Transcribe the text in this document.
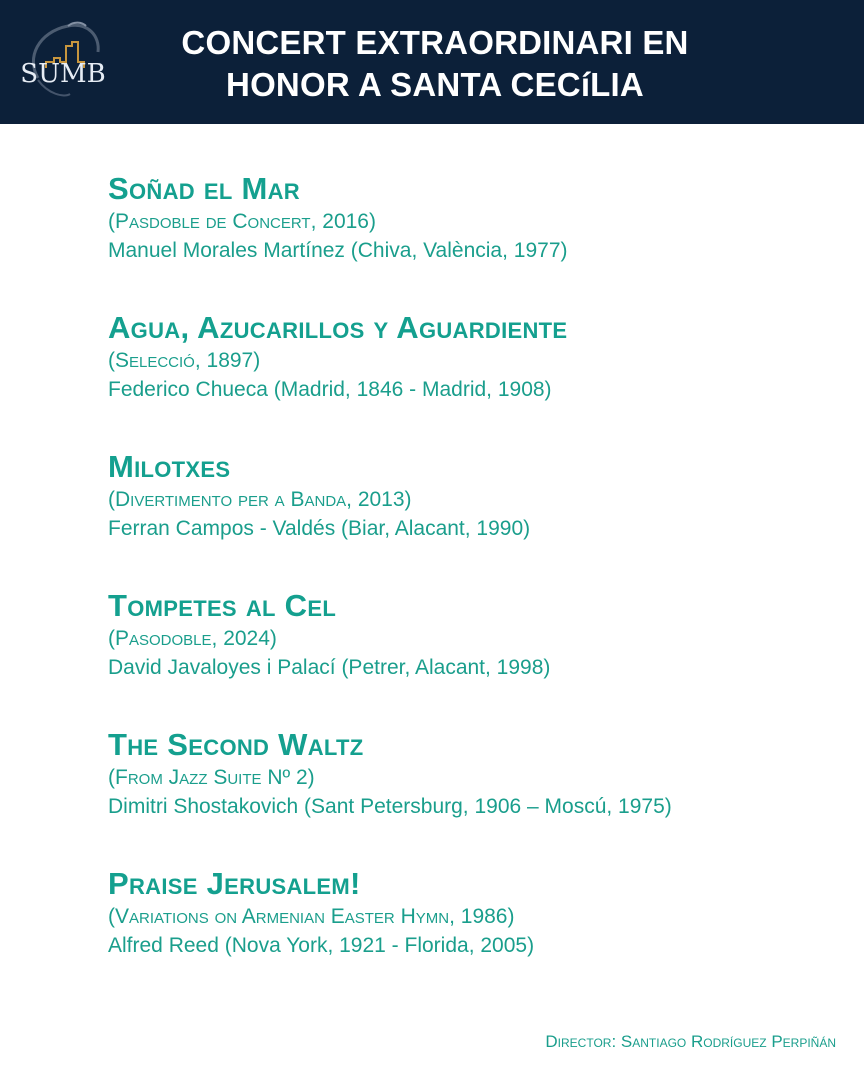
SUMB
CONCERT EXTRAORDINARI EN
HONOR A SANTA CECíLIA
Soñad el Mar
(Pasdoble de Concert, 2016)
Manuel Morales Martínez (Chiva, València, 1977)
Agua, Azucarillos y Aguardiente
(Selecció, 1897)
Federico Chueca (Madrid, 1846 - Madrid, 1908)
Milotxes
(Divertimento per a Banda, 2013)
Ferran Campos - Valdés (Biar, Alacant, 1990)
Tompetes al Cel
(Pasodoble, 2024)
David Javaloyes i Palací (Petrer, Alacant, 1998)
The Second Waltz
(From Jazz Suite Nº 2)
Dimitri Shostakovich (Sant Petersburg, 1906 – Moscú, 1975)
Praise Jerusalem!
(Variations on Armenian Easter Hymn, 1986)
Alfred Reed (Nova York, 1921 - Florida, 2005)
Director: Santiago Rodríguez Perpiñán
